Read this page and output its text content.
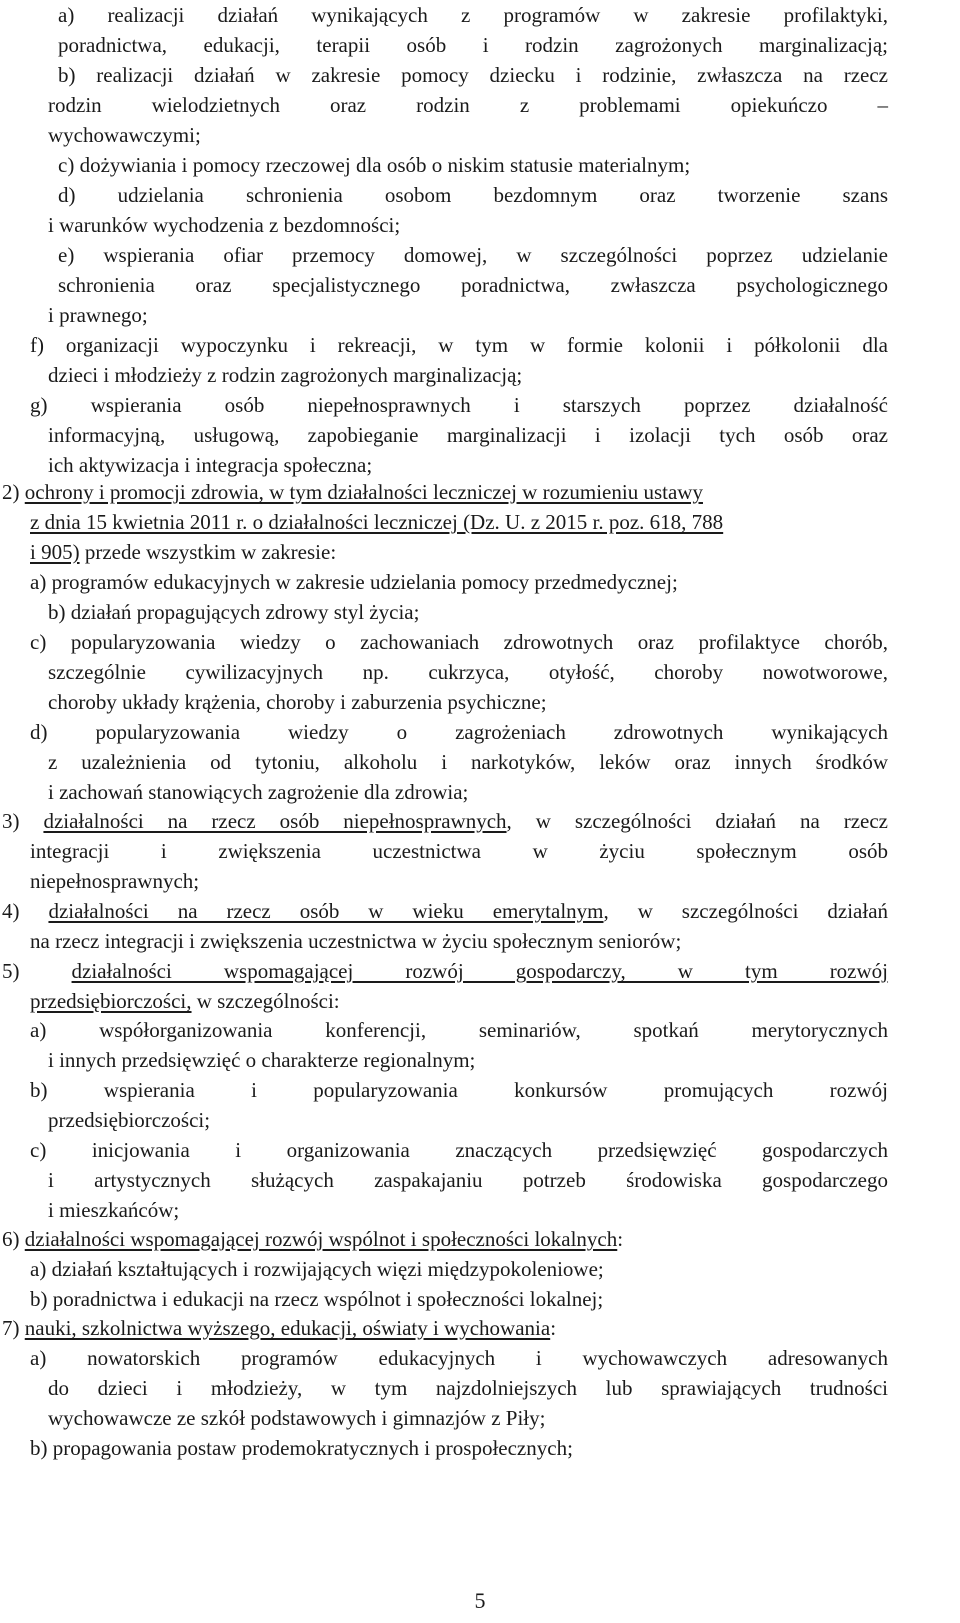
a) realizacji działań wynikających z programów w zakresie profilaktyki,
poradnictwa, edukacji, terapii osób i rodzin zagrożonych marginalizacją;
b) realizacji działań w zakresie pomocy dziecku i rodzinie, zwłaszcza na rzecz
rodzin wielodzietnych oraz rodzin z problemami opiekuńczo –
wychowawczymi;
c) dożywiania i pomocy rzeczowej dla osób o niskim statusie materialnym;
d) udzielania schronienia osobom bezdomnym oraz tworzenie szans
i warunków wychodzenia z bezdomności;
e) wspierania ofiar przemocy domowej, w szczególności poprzez udzielanie
schronienia oraz specjalistycznego poradnictwa, zwłaszcza psychologicznego
i prawnego;
f) organizacji wypoczynku i rekreacji, w tym w formie kolonii i półkolonii dla
dzieci i młodzieży z rodzin zagrożonych marginalizacją;
g) wspierania osób niepełnosprawnych i starszych poprzez działalność
informacyjną, usługową, zapobieganie marginalizacji i izolacji tych osób oraz
ich aktywizacja i integracja społeczna;
2) ochrony i promocji zdrowia, w tym działalności leczniczej w rozumieniu ustawy
z dnia 15 kwietnia 2011 r. o działalności leczniczej (Dz. U. z 2015 r. poz. 618, 788
i 905) przede wszystkim w zakresie:
a) programów edukacyjnych w zakresie udzielania pomocy przedmedycznej;
b) działań propagujących zdrowy styl życia;
c) popularyzowania wiedzy o zachowaniach zdrowotnych oraz profilaktyce chorób,
szczególnie cywilizacyjnych np. cukrzyca, otyłość, choroby nowotworowe,
choroby układy krążenia, choroby i zaburzenia psychiczne;
d) popularyzowania wiedzy o zagrożeniach zdrowotnych wynikających
z uzależnienia od tytoniu, alkoholu i narkotyków, leków oraz innych środków
i zachowań stanowiących zagrożenie dla zdrowia;
3) działalności na rzecz osób niepełnosprawnych, w szczególności działań na rzecz
integracji i zwiększenia uczestnictwa w życiu społecznym osób
niepełnosprawnych;
4) działalności na rzecz osób w wieku emerytalnym, w szczególności działań
na rzecz integracji i zwiększenia uczestnictwa w życiu społecznym seniorów;
5) działalności wspomagającej rozwój gospodarczy, w tym rozwój
przedsiębiorczości, w szczególności:
a) współorganizowania konferencji, seminariów, spotkań merytorycznych
i innych przedsięwzięć o charakterze regionalnym;
b) wspierania i popularyzowania konkursów promujących rozwój
przedsiębiorczości;
c) inicjowania i organizowania znaczących przedsięwzięć gospodarczych
i artystycznych służących zaspakajaniu potrzeb środowiska gospodarczego
i mieszkańców;
6) działalności wspomagającej rozwój wspólnot i społeczności lokalnych:
a) działań kształtujących i rozwijających więzi międzypokoleniowe;
b) poradnictwa i edukacji na rzecz wspólnot i społeczności lokalnej;
7) nauki, szkolnictwa wyższego, edukacji, oświaty i wychowania:
a) nowatorskich programów edukacyjnych i wychowawczych adresowanych
do dzieci i młodzieży, w tym najzdolniejszych lub sprawiających trudności
wychowawcze ze szkół podstawowych i gimnazjów z Piły;
b) propagowania postaw prodemokratycznych i prospołecznych;
5
